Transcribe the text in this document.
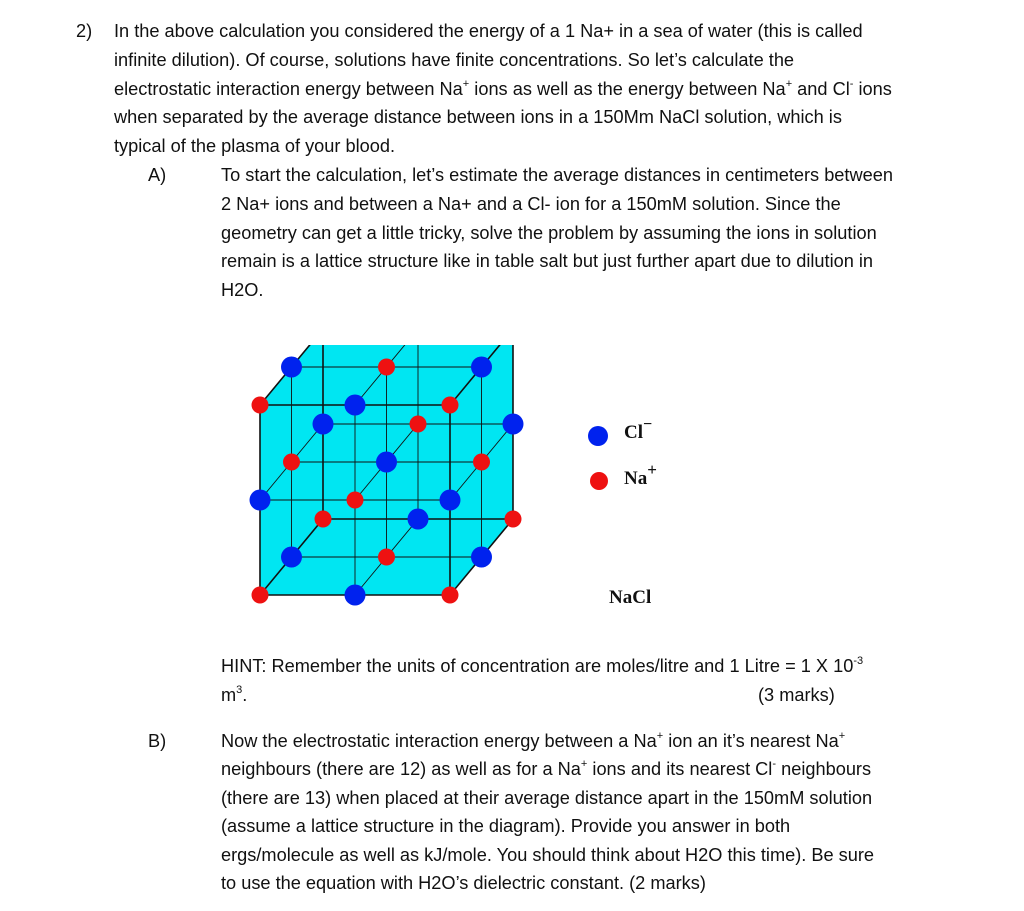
2) In the above calculation you considered the energy of a 1 Na+ in a sea of water (this is called
infinite dilution). Of course, solutions have finite concentrations. So let’s calculate the
electrostatic interaction energy between Na+ ions as well as the energy between Na+ and Cl- ions
when separated by the average distance between ions in a 150Mm NaCl solution, which is
typical of the plasma of your blood.
A)	To start the calculation, let’s estimate the average distances in centimeters between
2 Na+ ions and between a Na+ and a Cl- ion for a 150mM solution. Since the
geometry can get a little tricky, solve the problem by assuming the ions in solution
remain is a lattice structure like in table salt but just further apart due to dilution in
H2O.
Cl−
Na+
NaCl
HINT: Remember the units of concentration are moles/litre and 1 Litre = 1 X $10^{-3}$
$m^3$.	(3 marks)
B)	Now the electrostatic interaction energy between a Na+ ion an it’s nearest Na+
neighbours (there are 12) as well as for a Na+ ions and its nearest Cl- neighbours
(there are 13) when placed at their average distance apart in the 150mM solution
(assume a lattice structure in the diagram). Provide you answer in both
ergs/molecule as well as kJ/mole. You should think about H2O this time). Be sure
to use the equation with H2O’s dielectric constant. (2 marks)
